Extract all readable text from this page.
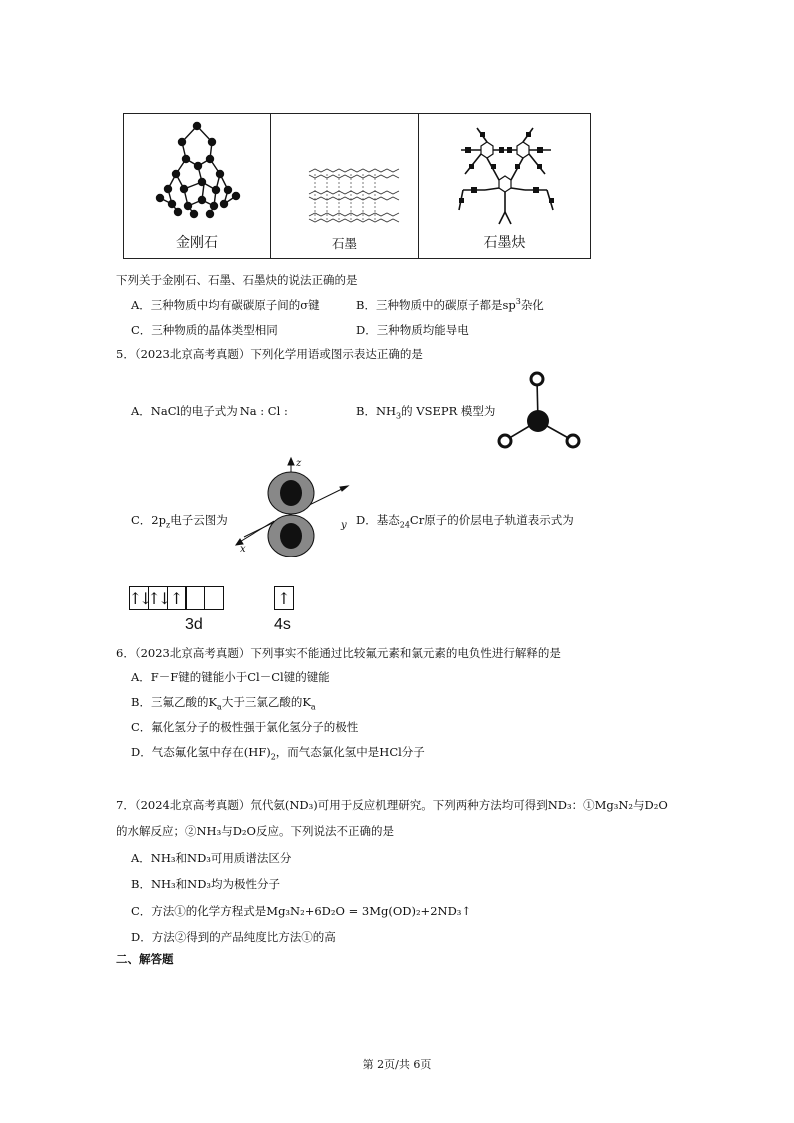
金刚石	石墨	石墨炔
下列关于金刚石、石墨、石墨炔的说法正确的是
A．三种物质中均有碳碳原子间的σ键	B．三种物质中的碳原子都是$sp^3$杂化
C．三种物质的晶体类型相同	D．三种物质均能导电
5．（2023北京高考真题）下列化学用语或图示表达正确的是
A．NaCl的电子式为 Na : Cl :	B．$NH_3$的 VSEPR 模型为
C．$2p_z$电子云图为
z
y
x
D．基态$_{24}$Cr原子的价层电子轨道表示式为
↑↓
↑↓ ↑	↑
3d	4s
6．（2023北京高考真题）下列事实不能通过比较氟元素和氯元素的电负性进行解释的是
A．F－F键的键能小于Cl－Cl键的键能
B．三氟乙酸的$K_a$大于三氯乙酸的$K_a$
C．氟化氢分子的极性强于氯化氢分子的极性
D．气态氟化氢中存在$(HF)_2$，而气态氯化氢中是HCl分子
7．（2024北京高考真题）氘代氨(ND₃)可用于反应机理研究。下列两种方法均可得到ND₃：①Mg₃N₂与D₂O
的水解反应；②NH₃与D₂O反应。下列说法不正确的是
A．NH₃和ND₃可用质谱法区分
B．NH₃和ND₃均为极性分子
C．方法①的化学方程式是Mg₃N₂+6D₂O = 3Mg(OD)₂+2ND₃↑
D．方法②得到的产品纯度比方法①的高
二、解答题
第 2页/共 6页
